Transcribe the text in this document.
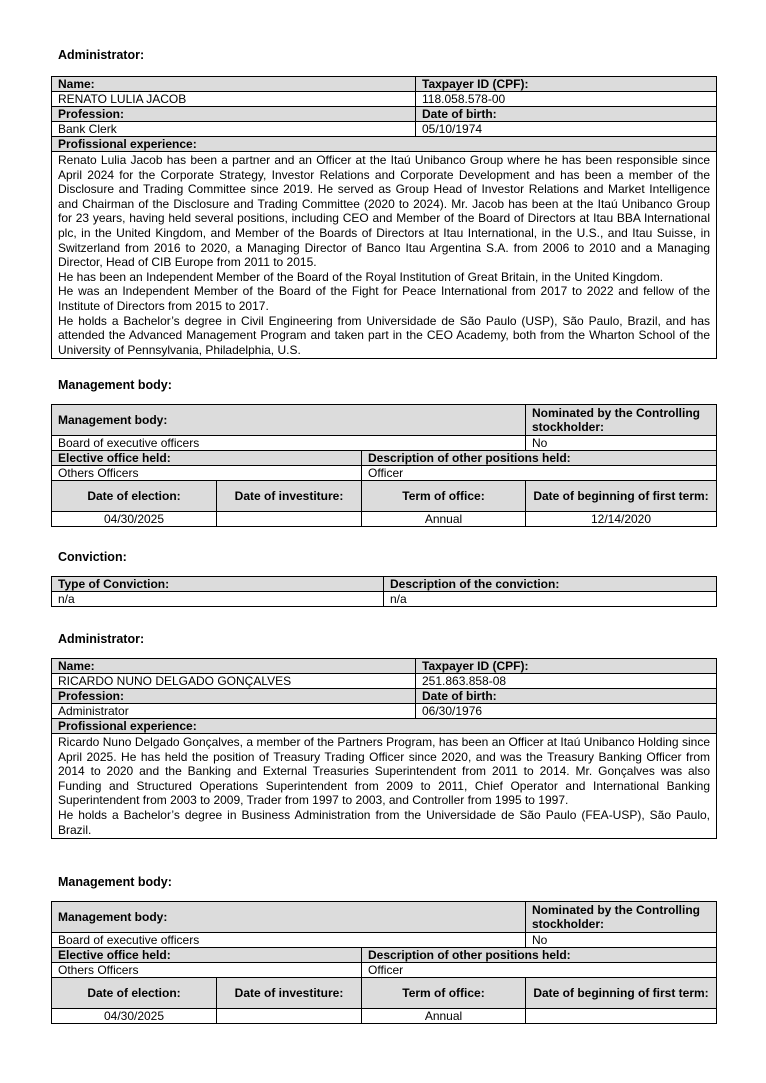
Administrator:
Name:	Taxpayer ID (CPF):
RENATO LULIA JACOB	118.058.578-00
Profession:	Date of birth:
Bank Clerk	05/10/1974
Profissional experience:	

Renato Lulia Jacob has been a partner and an Officer at the Itaú Unibanco Group where he has been responsible since April 2024 for the Corporate Strategy, Investor Relations and Corporate Development and has been a member of the Disclosure and Trading Committee since 2019. He served as Group Head of Investor Relations and Market Intelligence and Chairman of the Disclosure and Trading Committee (2020 to 2024). Mr. Jacob has been at the Itaú Unibanco Group for 23 years, having held several positions, including CEO and Member of the Board of Directors at Itau BBA International plc, in the United Kingdom, and Member of the Boards of Directors at Itau International, in the U.S., and Itau Suisse, in Switzerland from 2016 to 2020, a Managing Director of Banco Itau Argentina S.A. from 2006 to 2010 and a Managing Director, Head of CIB Europe from 2011 to 2015.

He has been an Independent Member of the Board of the Royal Institution of Great Britain, in the United Kingdom.

He was an Independent Member of the Board of the Fight for Peace International from 2017 to 2022 and fellow of the Institute of Directors from 2015 to 2017.

He holds a Bachelor’s degree in Civil Engineering from Universidade de São Paulo (USP), São Paulo, Brazil, and has attended the Advanced Management Program and taken part in the CEO Academy, both from the Wharton School of the University of Pennsylvania, Philadelphia, U.S.	

Management body:
Management body:			Nominated by the Controlling stockholder:
Board of executive officers			No
Elective office held:		Description of other positions held:	
Others Officers		Officer	
Date of election:	Date of investiture:	Term of office:	Date of beginning of first term:
04/30/2025		Annual	12/14/2020
Conviction:
Type of Conviction:	Description of the conviction:
n/a	n/a
Administrator:
Name:	Taxpayer ID (CPF):
RICARDO NUNO DELGADO GONÇALVES	251.863.858-08
Profession:	Date of birth:
Administrator	06/30/1976
Profissional experience:	

Ricardo Nuno Delgado Gonçalves, a member of the Partners Program, has been an Officer at Itaú Unibanco Holding since April 2025. He has held the position of Treasury Trading Officer since 2020, and was the Treasury Banking Officer from 2014 to 2020 and the Banking and External Treasuries Superintendent from 2011 to 2014. Mr. Gonçalves was also Funding and Structured Operations Superintendent from 2009 to 2011, Chief Operator and International Banking Superintendent from 2003 to 2009, Trader from 1997 to 2003, and Controller from 1995 to 1997.

He holds a Bachelor’s degree in Business Administration from the Universidade de São Paulo (FEA-USP), São Paulo, Brazil.	

Management body:
Management body:			Nominated by the Controlling stockholder:
Board of executive officers			No
Elective office held:		Description of other positions held:	
Others Officers		Officer	
Date of election:	Date of investiture:	Term of office:	Date of beginning of first term:
04/30/2025		Annual	
